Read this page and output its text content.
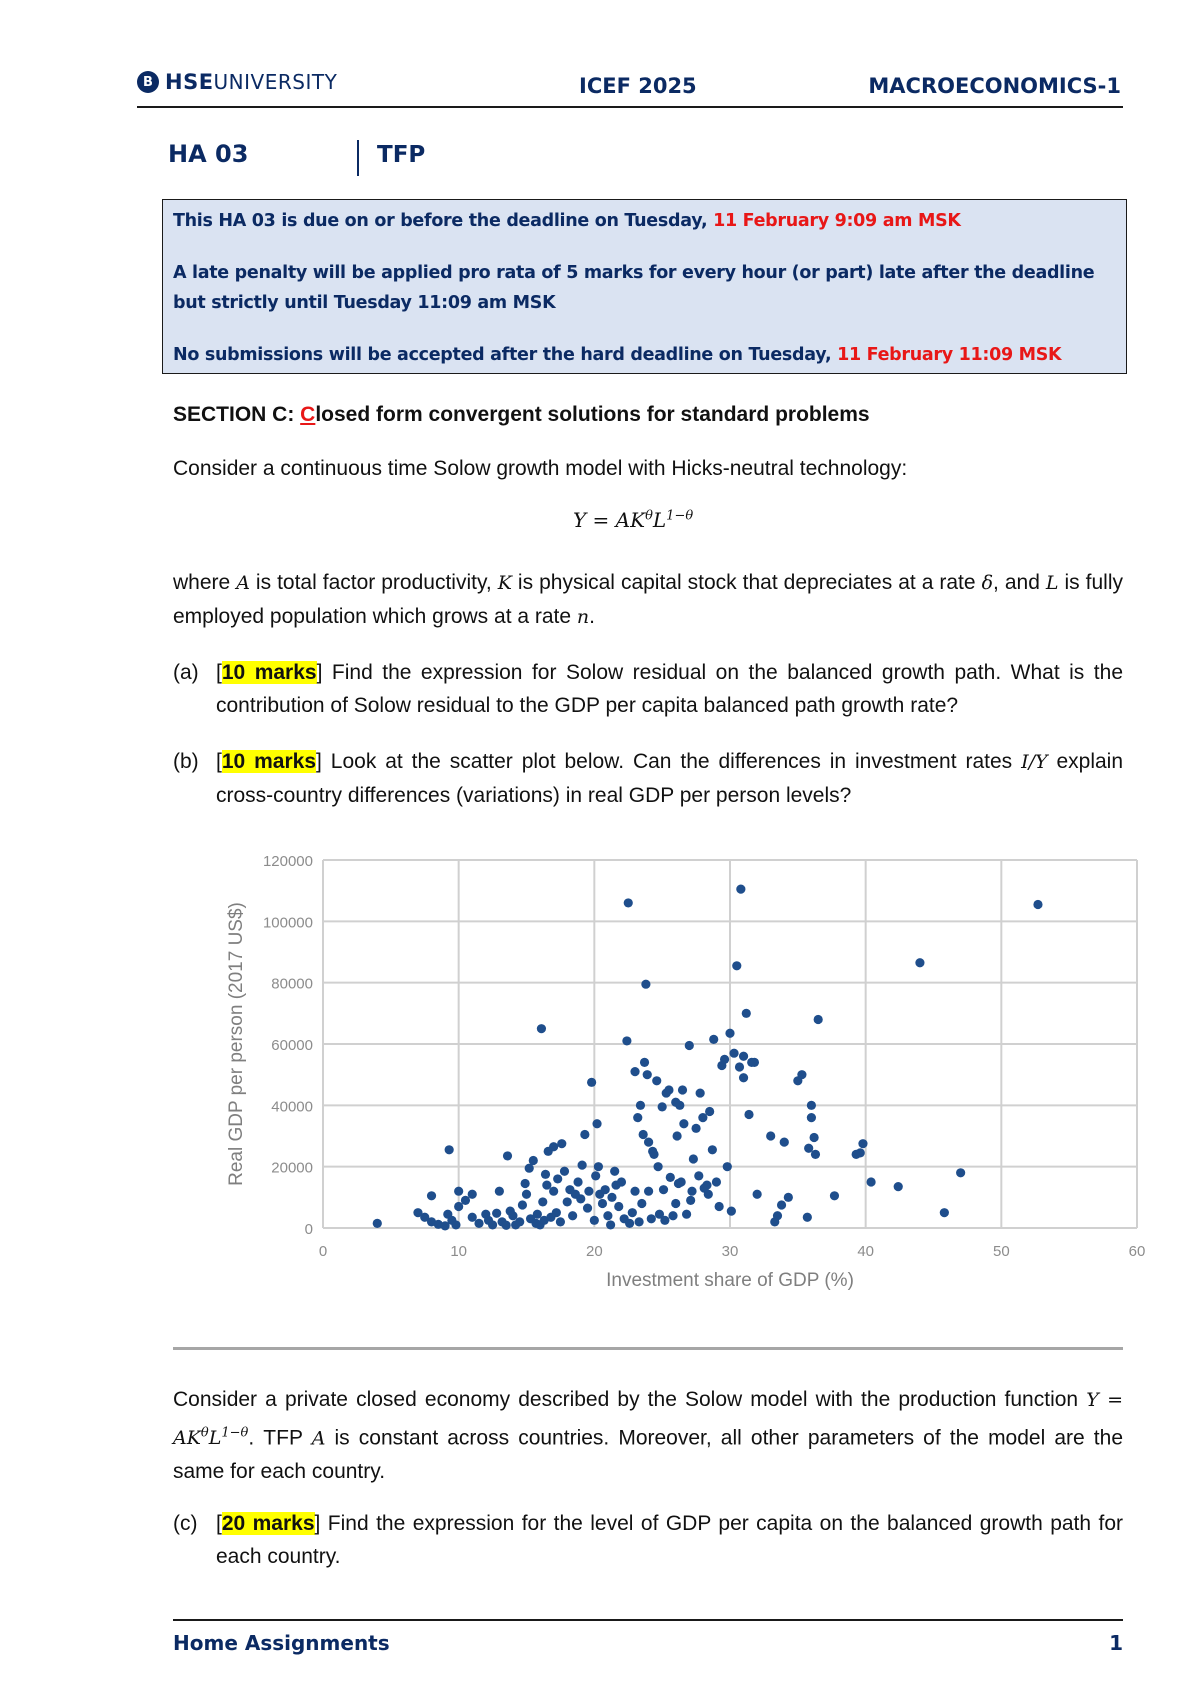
B HSE UNIVERSITY	ICEF 2025	MACROECONOMICS-1
HA 03	TFP

This HA 03 is due on or before the deadline on Tuesday, 11 February 9:09 am MSK

A late penalty will be applied pro rata of 5 marks for every hour (or part) late after the deadline but strictly until Tuesday 11:09 am MSK

No submissions will be accepted after the hard deadline on Tuesday, 11 February 11:09 MSK

SECTION C: Closed form convergent solutions for standard problems
Consider a continuous time Solow growth model with Hicks-neutral technology:
$Y = AK^\theta L^{1-\theta}$
where A is total factor productivity, K is physical capital stock that depreciates at a rate δ, and L is fully employed population which grows at a rate n.
(a) [10 marks] Find the expression for Solow residual on the balanced growth path. What is the contribution of Solow residual to the GDP per capita balanced path growth rate?
(b) [10 marks] Look at the scatter plot below. Can the differences in investment rates I/Y explain cross-country differences (variations) in real GDP per person levels?
0
20000
40000
60000
80000
100000
120000
0	10	20	30	40	50	60
Investment share of GDP (%)
Real GDP per person (2017 US$)
Consider a private closed economy described by the Solow model with the production function $Y = AK^\theta L^{1-\theta}$. TFP A is constant across countries. Moreover, all other parameters of the model are the same for each country.
(c) [20 marks] Find the expression for the level of GDP per capita on the balanced growth path for each country.
Home Assignments	1
